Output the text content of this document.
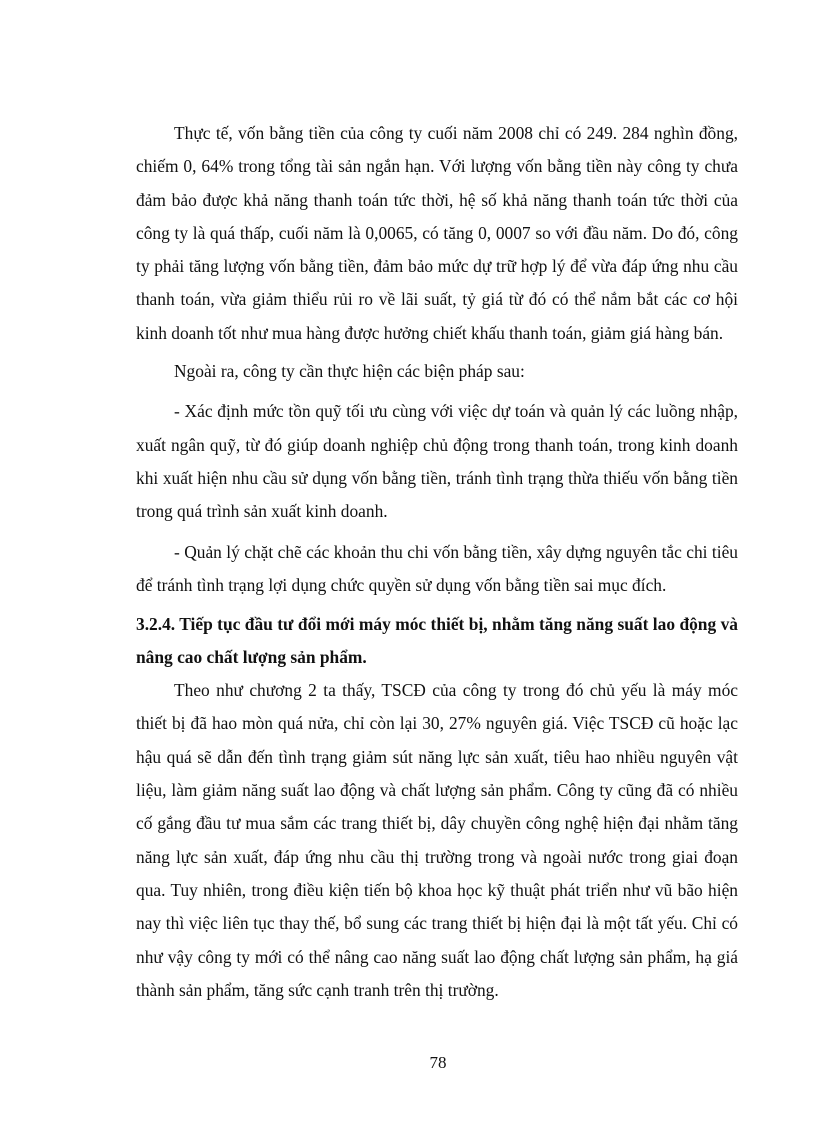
Thực tế, vốn bằng tiền của công ty cuối năm 2008 chỉ có 249. 284 nghìn đồng, chiếm 0, 64% trong tổng tài sản ngắn hạn. Với lượng vốn bằng tiền này công ty chưa đảm bảo được khả năng thanh toán tức thời, hệ số khả năng thanh toán tức thời của công ty là quá thấp, cuối năm là 0,0065, có tăng 0, 0007 so với đầu năm. Do đó, công ty phải tăng lượng vốn bằng tiền, đảm bảo mức dự trữ hợp lý để vừa đáp ứng nhu cầu thanh toán, vừa giảm thiểu rủi ro về lãi suất, tỷ giá từ đó có thể nắm bắt các cơ hội kinh doanh tốt như mua hàng được hưởng chiết khấu thanh toán, giảm giá hàng bán.

Ngoài ra, công ty cần thực hiện các biện pháp sau:

- Xác định mức tồn quỹ tối ưu cùng với việc dự toán và quản lý các luồng nhập, xuất ngân quỹ, từ đó giúp doanh nghiệp chủ động trong thanh toán, trong kinh doanh khi xuất hiện nhu cầu sử dụng vốn bằng tiền, tránh tình trạng thừa thiếu vốn bằng tiền trong quá trình sản xuất kinh doanh.

- Quản lý chặt chẽ các khoản thu chi vốn bằng tiền, xây dựng nguyên tắc chi tiêu để tránh tình trạng lợi dụng chức quyền sử dụng vốn bằng tiền sai mục đích.

3.2.4. Tiếp tục đầu tư đổi mới máy móc thiết bị, nhằm tăng năng suất lao động và nâng cao chất lượng sản phẩm.

Theo như chương 2 ta thấy, TSCĐ của công ty trong đó chủ yếu là máy móc thiết bị đã hao mòn quá nửa, chỉ còn lại 30, 27% nguyên giá. Việc TSCĐ cũ hoặc lạc hậu quá sẽ dẫn đến tình trạng giảm sút năng lực sản xuất, tiêu hao nhiều nguyên vật liệu, làm giảm năng suất lao động và chất lượng sản phẩm. Công ty cũng đã có nhiều cố gắng đầu tư mua sắm các trang thiết bị, dây chuyền công nghệ hiện đại nhằm tăng năng lực sản xuất, đáp ứng nhu cầu thị trường trong và ngoài nước trong giai đoạn qua. Tuy nhiên, trong điều kiện tiến bộ khoa học kỹ thuật phát triển như vũ bão hiện nay thì việc liên tục thay thế, bổ sung các trang thiết bị hiện đại là một tất yếu. Chỉ có như vậy công ty mới có thể nâng cao năng suất lao động chất lượng sản phẩm, hạ giá thành sản phẩm, tăng sức cạnh tranh trên thị trường.

78
